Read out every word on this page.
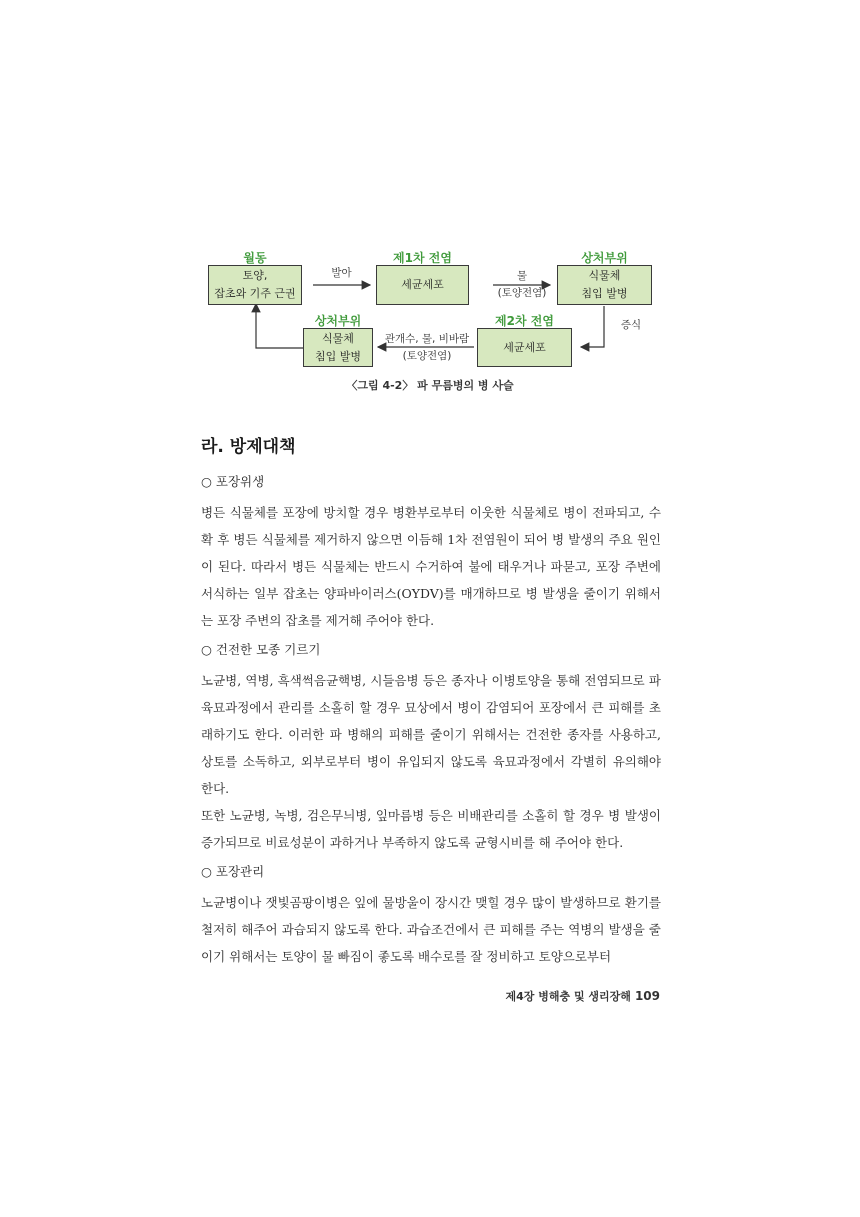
월동
토양,
잡초와 기주 근권
제1차 전염
세균세포
상처부위
식물체
침입 발병
제2차 전염
세균세포
상처부위
식물체
침입 발병
발아	물
(토양전염)
증식
관개수, 물, 비바람
(토양전염)
〈그림 4-2〉 파 무름병의 병 사슬
라. 방제대책
○ 포장위생

병든 식물체를 포장에 방치할 경우 병환부로부터 이웃한 식물체로 병이 전파되고, 수확 후 병든 식물체를 제거하지 않으면 이듬해 1차 전염원이 되어 병 발생의 주요 원인이 된다. 따라서 병든 식물체는 반드시 수거하여 불에 태우거나 파묻고, 포장 주변에 서식하는 일부 잡초는 양파바이러스(OYDV)를 매개하므로 병 발생을 줄이기 위해서는 포장 주변의 잡초를 제거해 주어야 한다.

○ 건전한 모종 기르기

노균병, 역병, 흑색썩음균핵병, 시들음병 등은 종자나 이병토양을 통해 전염되므로 파 육묘과정에서 관리를 소홀히 할 경우 묘상에서 병이 감염되어 포장에서 큰 피해를 초래하기도 한다. 이러한 파 병해의 피해를 줄이기 위해서는 건전한 종자를 사용하고, 상토를 소독하고, 외부로부터 병이 유입되지 않도록 육묘과정에서 각별히 유의해야 한다.

또한 노균병, 녹병, 검은무늬병, 잎마름병 등은 비배관리를 소홀히 할 경우 병 발생이 증가되므로 비료성분이 과하거나 부족하지 않도록 균형시비를 해 주어야 한다.

○ 포장관리

노균병이나 잿빛곰팡이병은 잎에 물방울이 장시간 맺힐 경우 많이 발생하므로 환기를 철저히 해주어 과습되지 않도록 한다. 과습조건에서 큰 피해를 주는 역병의 발생을 줄이기 위해서는 토양이 물 빠짐이 좋도록 배수로를 잘 정비하고 토양으로부터

제4장 병해충 및 생리장해 109
